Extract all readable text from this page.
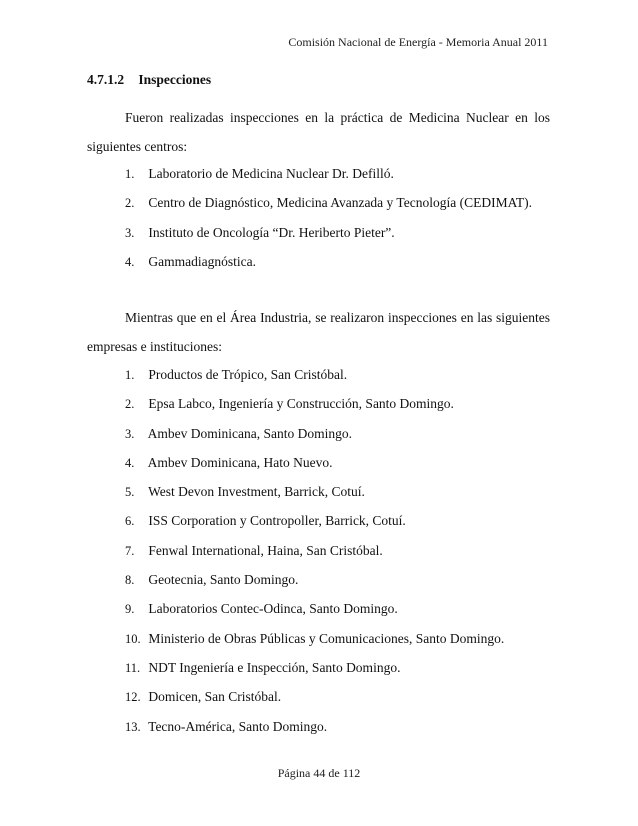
Comisión Nacional de Energía - Memoria Anual 2011
4.7.1.2 Inspecciones

Fueron realizadas inspecciones en la práctica de Medicina Nuclear en los siguientes centros:

1. Laboratorio de Medicina Nuclear Dr. Defilló.
2. Centro de Diagnóstico, Medicina Avanzada y Tecnología (CEDIMAT).
3. Instituto de Oncología “Dr. Heriberto Pieter”.
4. Gammadiagnóstica.

Mientras que en el Área Industria, se realizaron inspecciones en las siguientes empresas e instituciones:

1. Productos de Trópico, San Cristóbal.
2. Epsa Labco, Ingeniería y Construcción, Santo Domingo.
3. Ambev Dominicana, Santo Domingo.
4. Ambev Dominicana, Hato Nuevo.
5. West Devon Investment, Barrick, Cotuí.
6. ISS Corporation y Contropoller, Barrick, Cotuí.
7. Fenwal International, Haina, San Cristóbal.
8. Geotecnia, Santo Domingo.
9. Laboratorios Contec-Odinca, Santo Domingo.
10. Ministerio de Obras Públicas y Comunicaciones, Santo Domingo.
11. NDT Ingeniería e Inspección, Santo Domingo.
12. Domicen, San Cristóbal.
13. Tecno-América, Santo Domingo.
Página 44 de 112
